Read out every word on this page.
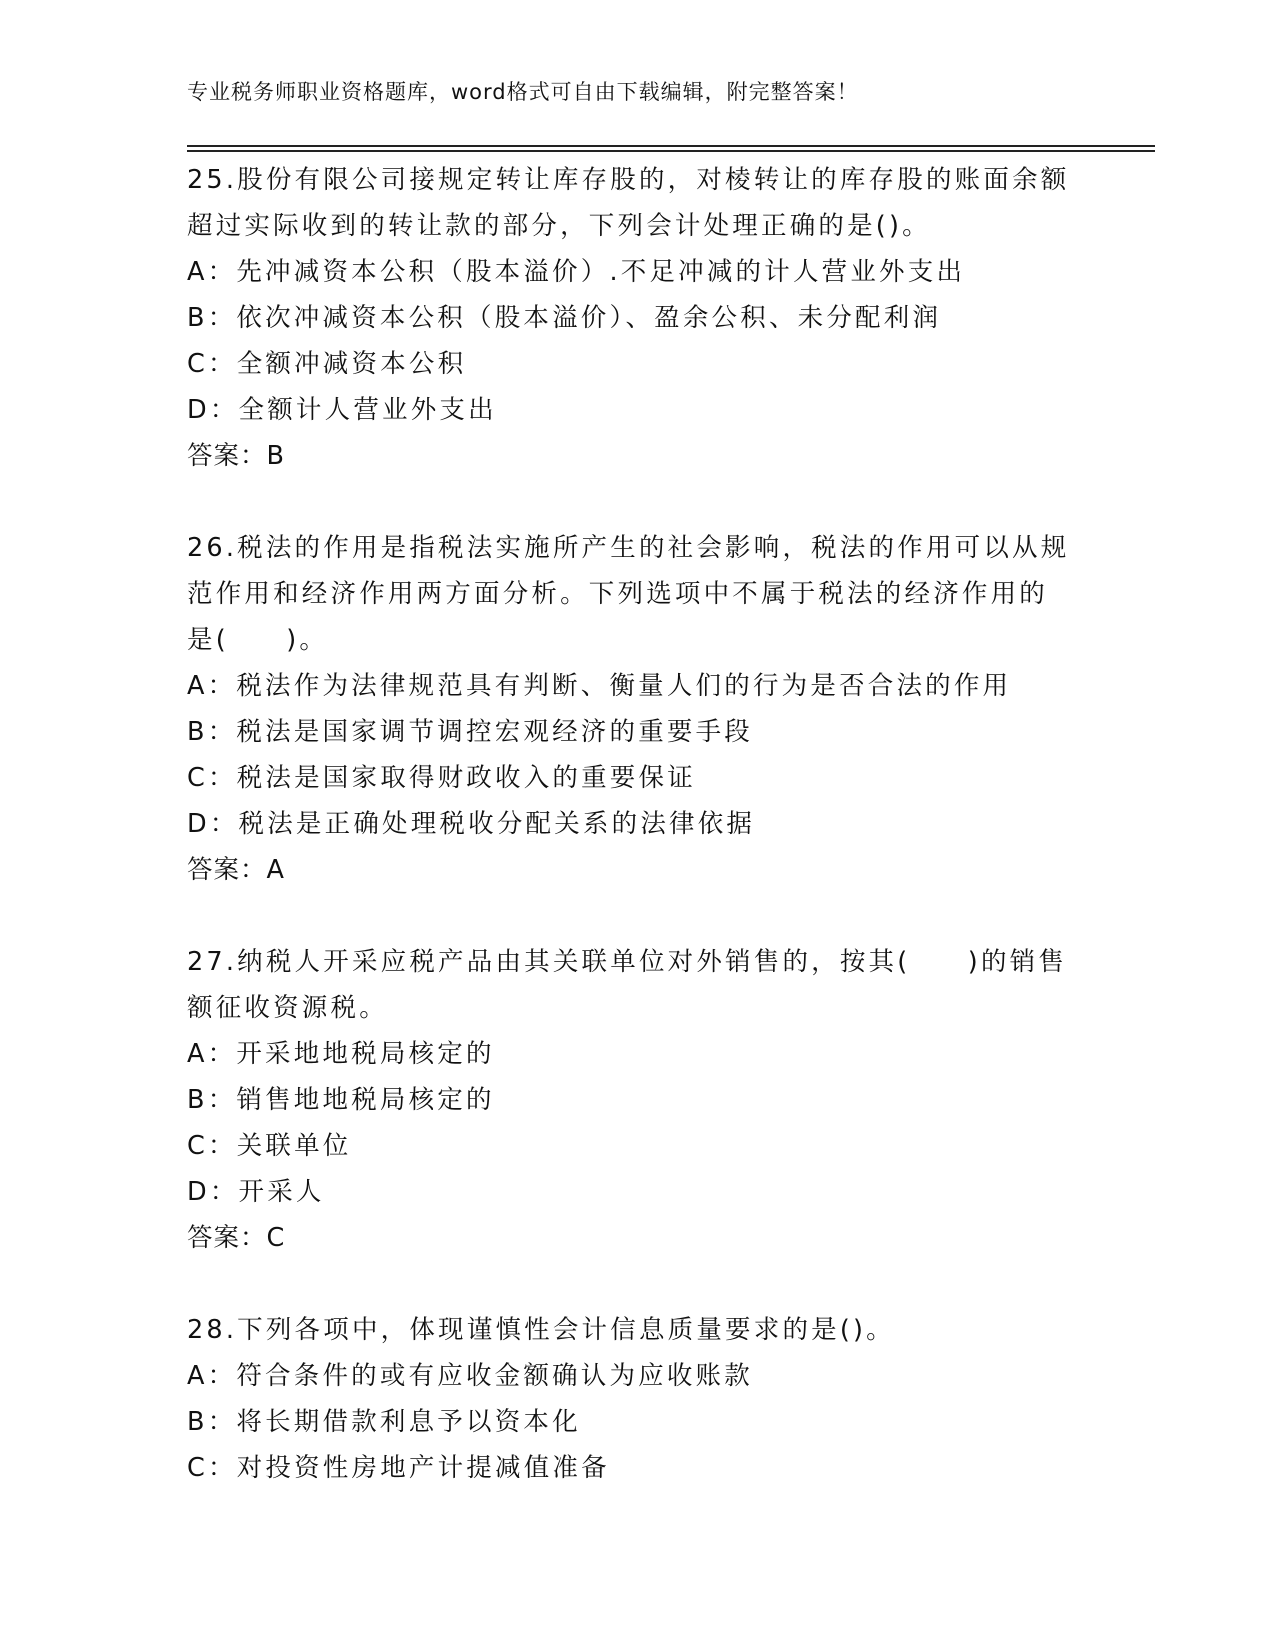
专业税务师职业资格题库，word格式可自由下载编辑，附完整答案！

25.股份有限公司接规定转让库存股的，对棱转让的库存股的账面余额

超过实际收到的转让款的部分，下列会计处理正确的是()。

A：先冲减资本公积（股本溢价）.不足冲减的计人营业外支出

B：依次冲减资本公积（股本溢价）、盈余公积、未分配利润

C：全额冲减资本公积

D：全额计人营业外支出

答案：B

26.税法的作用是指税法实施所产生的社会影响，税法的作用可以从规

范作用和经济作用两方面分析。下列选项中不属于税法的经济作用的

是(　　)。

A：税法作为法律规范具有判断、衡量人们的行为是否合法的作用

B：税法是国家调节调控宏观经济的重要手段

C：税法是国家取得财政收入的重要保证

D：税法是正确处理税收分配关系的法律依据

答案：A

27.纳税人开采应税产品由其关联单位对外销售的，按其(　　)的销售

额征收资源税。

A：开采地地税局核定的

B：销售地地税局核定的

C：关联单位

D：开采人

答案：C

28.下列各项中，体现谨慎性会计信息质量要求的是()。

A：符合条件的或有应收金额确认为应收账款

B：将长期借款利息予以资本化

C：对投资性房地产计提减值准备
